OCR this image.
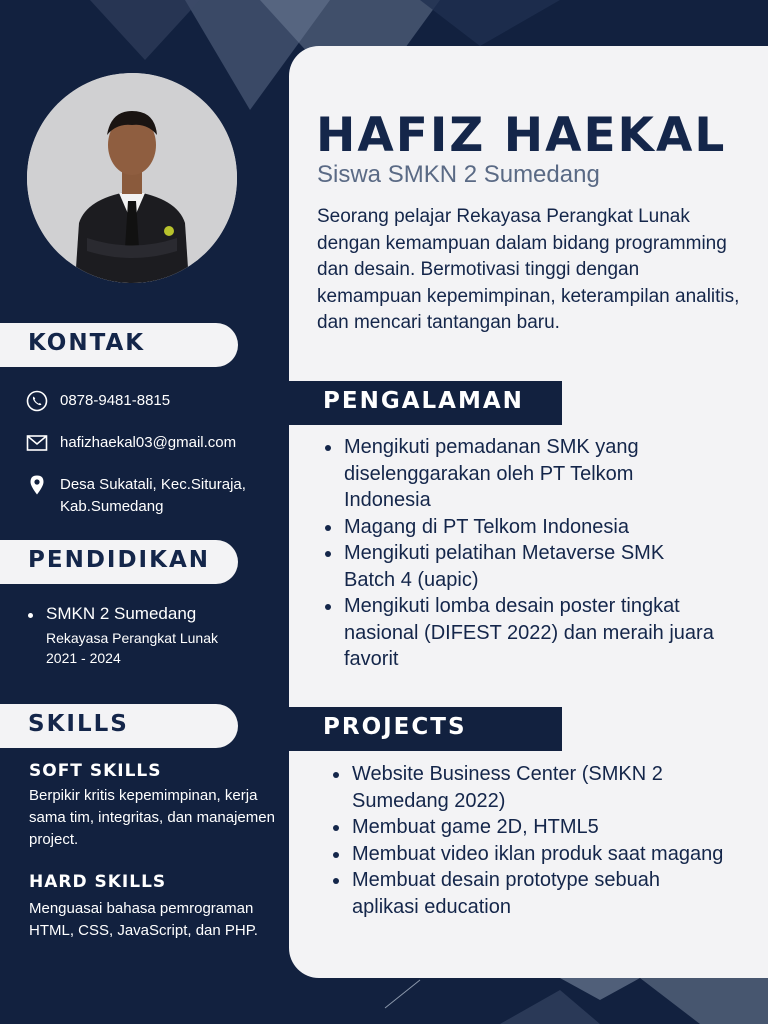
KONTAK
0878-9481-8815
hafizhaekal03@gmail.com
Desa Sukatali, Kec.Situraja,
Kab.Sumedang
PENDIDIKAN
SMKN 2 Sumedang
Rekayasa Perangkat Lunak
2021 - 2024
SKILLS
SOFT SKILLS
Berpikir kritis kepemimpinan, kerja sama tim, integritas, dan manajemen project.
HARD SKILLS
Menguasai bahasa pemrograman HTML, CSS, JavaScript, dan PHP.
HAFIZ HAEKAL
Siswa SMKN 2 Sumedang
Seorang pelajar Rekayasa Perangkat Lunak dengan kemampuan dalam bidang programming dan desain. Bermotivasi tinggi dengan kemampuan kepemimpinan, keterampilan analitis, dan mencari tantangan baru.
PENGALAMAN
Mengikuti pemadanan SMK yang diselenggarakan oleh PT Telkom Indonesia
Magang di PT Telkom Indonesia
Mengikuti pelatihan Metaverse SMK Batch 4 (uapic)
Mengikuti lomba desain poster tingkat nasional (DIFEST 2022) dan meraih juara favorit
PROJECTS
Website Business Center (SMKN 2 Sumedang 2022)
Membuat game 2D, HTML5
Membuat video iklan produk saat magang
Membuat desain prototype sebuah aplikasi education
